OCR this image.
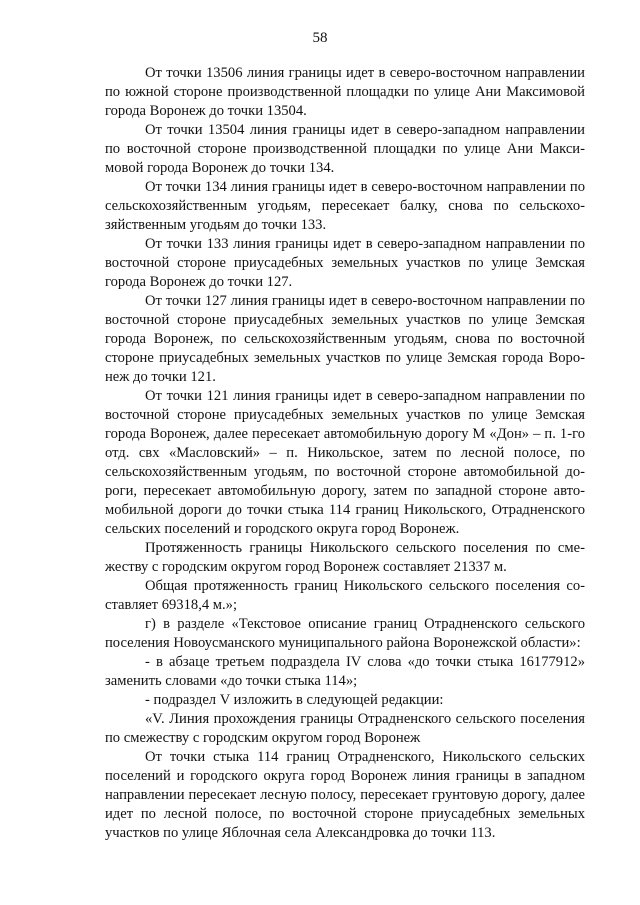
58

От точки 13506 линия границы идет в северо-восточном направлении по южной стороне производственной площадки по улице Ани Максимовой города Воронеж до точки 13504.

От точки 13504 линия границы идет в северо-западном направлении по восточной стороне производственной площадки по улице Ани Максимовой города Воронеж до точки 134.

От точки 134 линия границы идет в северо-восточном направлении по сельскохозяйственным угодьям, пересекает балку, снова по сельскохозяйственным угодьям до точки 133.

От точки 133 линия границы идет в северо-западном направлении по восточной стороне приусадебных земельных участков по улице Земская города Воронеж до точки 127.

От точки 127 линия границы идет в северо-восточном направлении по восточной стороне приусадебных земельных участков по улице Земская города Воронеж, по сельскохозяйственным угодьям, снова по восточной стороне приусадебных земельных участков по улице Земская города Воронеж до точки 121.

От точки 121 линия границы идет в северо-западном направлении по восточной стороне приусадебных земельных участков по улице Земская города Воронеж, далее пересекает автомобильную дорогу М «Дон» – п. 1-го отд. свх «Масловский» – п. Никольское, затем по лесной полосе, по сельскохозяйственным угодьям, по восточной стороне автомобильной дороги, пересекает автомобильную дорогу, затем по западной стороне автомобильной дороги до точки стыка 114 границ Никольского, Отрадненского сельских поселений и городского округа город Воронеж.

Протяженность границы Никольского сельского поселения по смежеству с городским округом город Воронеж составляет 21337 м.

Общая протяженность границ Никольского сельского поселения составляет 69318,4 м.»;

г) в разделе «Текстовое описание границ Отрадненского сельского поселения Новоусманского муниципального района Воронежской области»:

- в абзаце третьем подраздела IV слова «до точки стыка 16177912» заменить словами «до точки стыка 114»;

- подраздел V изложить в следующей редакции:

«V. Линия прохождения границы Отрадненского сельского поселения по смежеству с городским округом город Воронеж

От точки стыка 114 границ Отрадненского, Никольского сельских поселений и городского округа город Воронеж линия границы в западном направлении пересекает лесную полосу, пересекает грунтовую дорогу, далее идет по лесной полосе, по восточной стороне приусадебных земельных участков по улице Яблочная села Александровка до точки 113.
